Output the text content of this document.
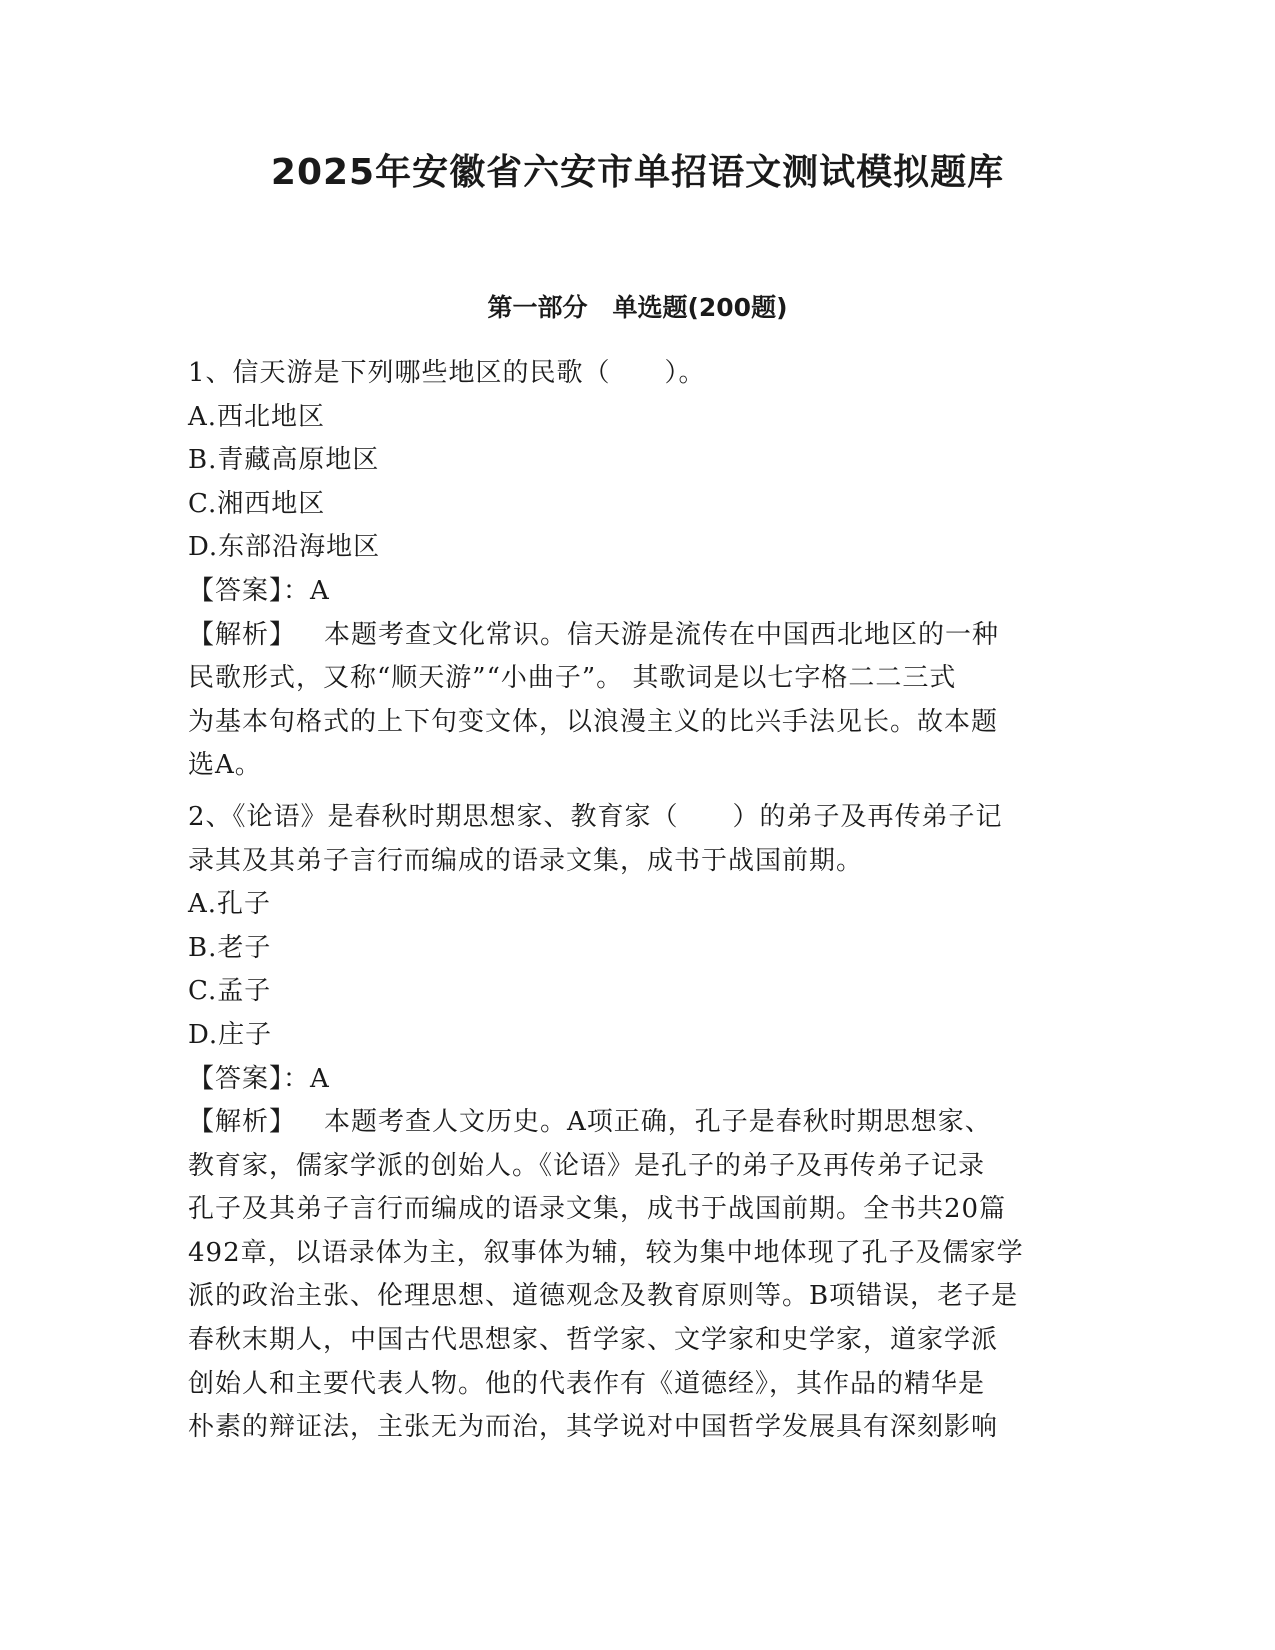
2025年安徽省六安市单招语文测试模拟题库
第一部分　单选题(200题)
1、信天游是下列哪些地区的民歌（　　）。
A.西北地区
B.青藏高原地区
C.湘西地区
D.东部沿海地区
【答案】：A
【解析】 本题考查文化常识。信天游是流传在中国西北地区的一种
民歌形式，又称“顺天游”“小曲子”。 其歌词是以七字格二二三式
为基本句格式的上下句变文体，以浪漫主义的比兴手法见长。故本题
选A。
2、《论语》是春秋时期思想家、教育家（　　）的弟子及再传弟子记
录其及其弟子言行而编成的语录文集，成书于战国前期。
A.孔子
B.老子
C.孟子
D.庄子
【答案】：A
【解析】 本题考查人文历史。A项正确，孔子是春秋时期思想家、
教育家，儒家学派的创始人。《论语》是孔子的弟子及再传弟子记录
孔子及其弟子言行而编成的语录文集，成书于战国前期。全书共20篇
492章，以语录体为主，叙事体为辅，较为集中地体现了孔子及儒家学
派的政治主张、伦理思想、道德观念及教育原则等。B项错误，老子是
春秋末期人，中国古代思想家、哲学家、文学家和史学家，道家学派
创始人和主要代表人物。他的代表作有《道德经》，其作品的精华是
朴素的辩证法，主张无为而治，其学说对中国哲学发展具有深刻影响
